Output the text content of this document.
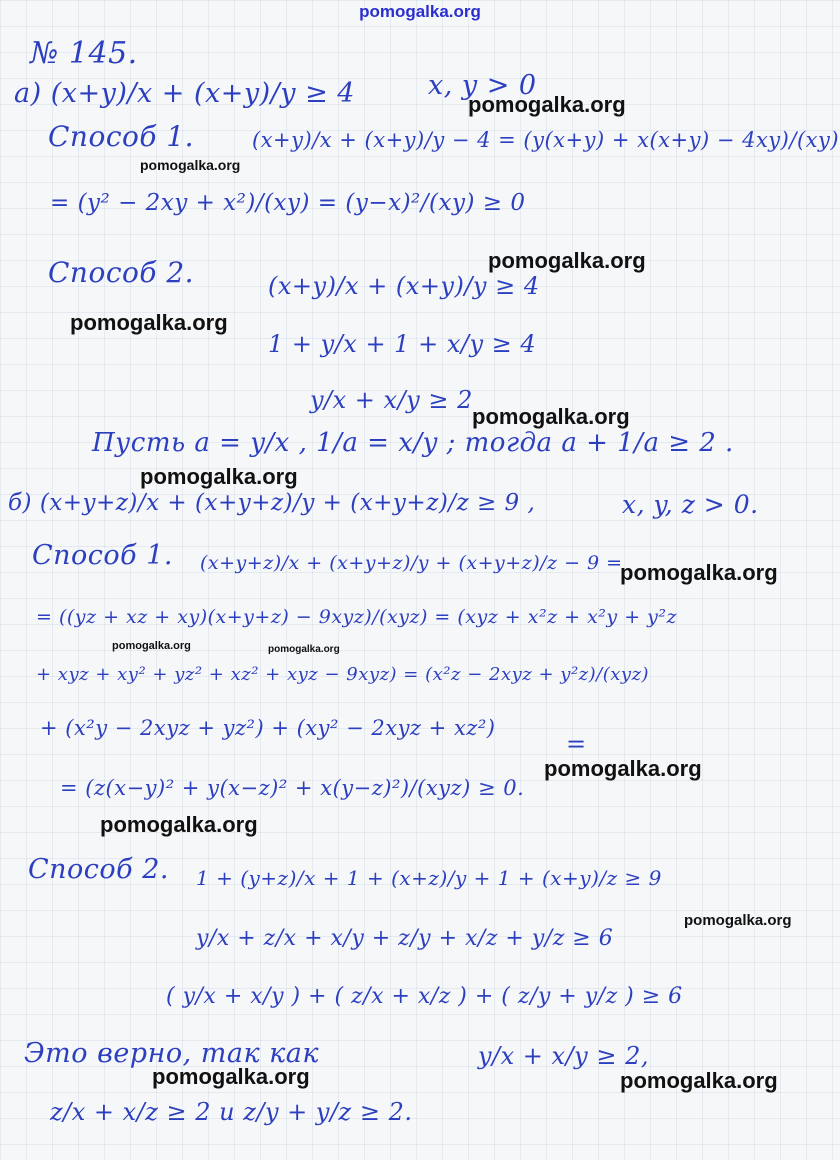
pomogalka.org
№ 145.
а) (x+y)/x + (x+y)/y ≥ 4	x, y > 0
Способ 1.	(x+y)/x + (x+y)/y − 4 = (y(x+y) + x(x+y) − 4xy)/(xy)
= (y² − 2xy + x²)/(xy) = (y−x)²/(xy) ≥ 0
Способ 2.	(x+y)/x + (x+y)/y ≥ 4
1 + y/x + 1 + x/y ≥ 4
y/x + x/y ≥ 2
Пусть a = y/x , 1/a = x/y ; тогда a + 1/a ≥ 2 .
б) (x+y+z)/x + (x+y+z)/y + (x+y+z)/z ≥ 9 ,	x, y, z > 0.
Способ 1. (x+y+z)/x + (x+y+z)/y + (x+y+z)/z − 9 =
= ((yz + xz + xy)(x+y+z) − 9xyz)/(xyz) = (xyz + x²z + x²y + y²z
+ xyz + xy² + yz² + xz² + xyz − 9xyz) = (x²z − 2xyz + y²z)/(xyz)
+ (x²y − 2xyz + yz²) + (xy² − 2xyz + xz²)
=
= (z(x−y)² + y(x−z)² + x(y−z)²)/(xyz) ≥ 0.
Способ 2. 1 + (y+z)/x + 1 + (x+z)/y + 1 + (x+y)/z ≥ 9
y/x + z/x + x/y + z/y + x/z + y/z ≥ 6
( y/x + x/y ) + ( z/x + x/z ) + ( z/y + y/z ) ≥ 6
Это верно, так как	y/x + x/y ≥ 2,
z/x + x/z ≥ 2 и z/y + y/z ≥ 2.
pomogalka.org
pomogalka.org
pomogalka.org
pomogalka.org
pomogalka.org
pomogalka.org
pomogalka.org
pomogalka.org	pomogalka.org
pomogalka.org
pomogalka.org
pomogalka.org
pomogalka.org	pomogalka.org
